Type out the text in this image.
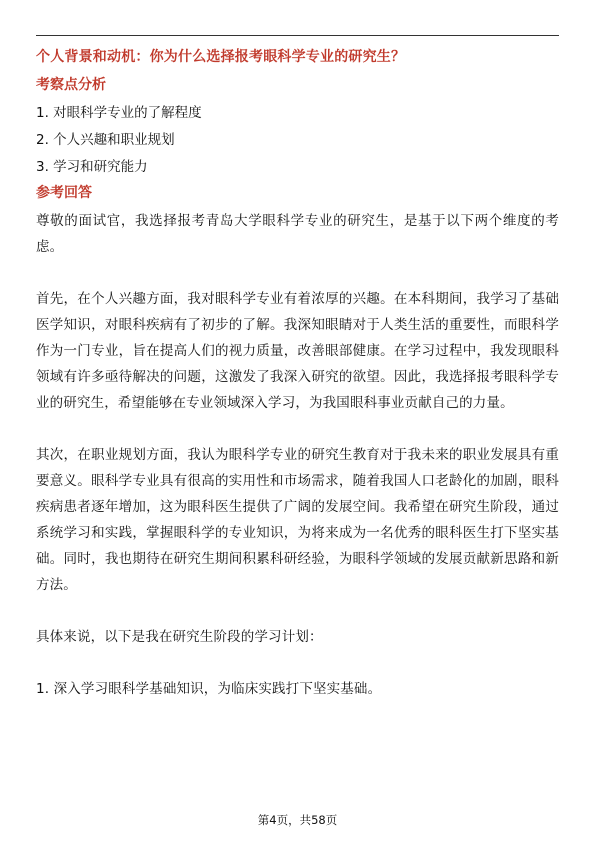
个人背景和动机：你为什么选择报考眼科学专业的研究生？
考察点分析
1. 对眼科学专业的了解程度
2. 个人兴趣和职业规划
3. 学习和研究能力
参考回答

尊敬的面试官，我选择报考青岛大学眼科学专业的研究生，是基于以下两个维度的考虑。

首先，在个人兴趣方面，我对眼科学专业有着浓厚的兴趣。在本科期间，我学习了基础医学知识，对眼科疾病有了初步的了解。我深知眼睛对于人类生活的重要性，而眼科学作为一门专业，旨在提高人们的视力质量，改善眼部健康。在学习过程中，我发现眼科领域有许多亟待解决的问题，这激发了我深入研究的欲望。因此，我选择报考眼科学专业的研究生，希望能够在专业领域深入学习，为我国眼科事业贡献自己的力量。

其次，在职业规划方面，我认为眼科学专业的研究生教育对于我未来的职业发展具有重要意义。眼科学专业具有很高的实用性和市场需求，随着我国人口老龄化的加剧，眼科疾病患者逐年增加，这为眼科医生提供了广阔的发展空间。我希望在研究生阶段，通过系统学习和实践，掌握眼科学的专业知识，为将来成为一名优秀的眼科医生打下坚实基础。同时，我也期待在研究生期间积累科研经验，为眼科学领域的发展贡献新思路和新方法。

具体来说，以下是我在研究生阶段的学习计划：

1. 深入学习眼科学基础知识，为临床实践打下坚实基础。

第4页，共58页
